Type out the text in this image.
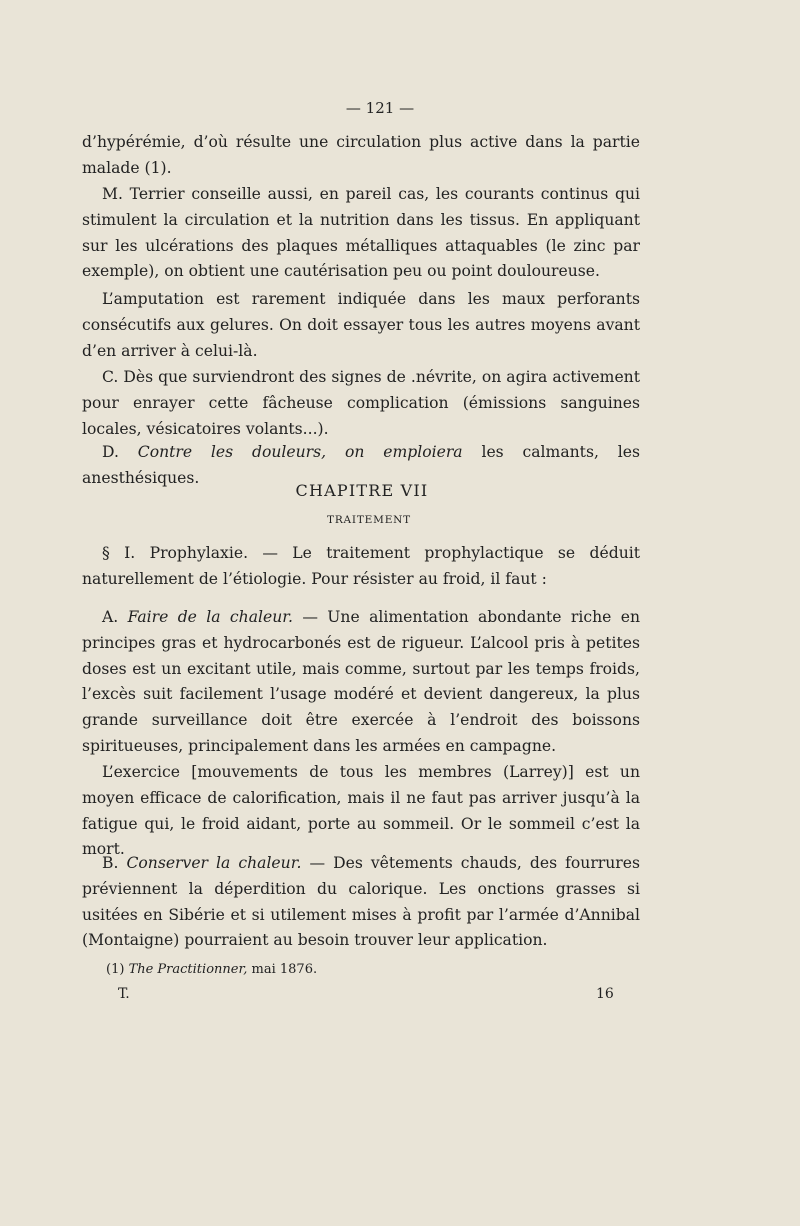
— 121 —

d’hypérémie, d’où résulte une circulation plus active dans la partie malade (1).

M. Terrier conseille aussi, en pareil cas, les courants continus qui stimulent la circulation et la nutrition dans les tissus. En appliquant sur les ulcérations des plaques métalliques attaquables (le zinc par exemple), on obtient une cautérisation peu ou point douloureuse.

L’amputation est rarement indiquée dans les maux perforants consécutifs aux gelures. On doit essayer tous les autres moyens avant d’en arriver à celui-là.

C. Dès que surviendront des signes de .névrite, on agira activement pour enrayer cette fâcheuse complication (émissions sanguines locales, vésicatoires volants...).

D. Contre les douleurs, on emploiera les calmants, les anesthésiques.

CHAPITRE VII
TRAITEMENT

§ I. Prophylaxie. — Le traitement prophylactique se déduit naturellement de l’étiologie. Pour résister au froid, il faut :

A. Faire de la chaleur. — Une alimentation abondante riche en principes gras et hydrocarbonés est de rigueur. L’alcool pris à petites doses est un excitant utile, mais comme, surtout par les temps froids, l’excès suit facilement l’usage modéré et devient dangereux, la plus grande surveillance doit être exercée à l’endroit des boissons spiritueuses, principalement dans les armées en campagne.

L’exercice [mouvements de tous les membres (Larrey)] est un moyen efficace de calorification, mais il ne faut pas arriver jusqu’à la fatigue qui, le froid aidant, porte au sommeil. Or le sommeil c’est la mort.

B. Conserver la chaleur. — Des vêtements chauds, des fourrures préviennent la déperdition du calorique. Les onctions grasses si usitées en Sibérie et si utilement mises à profit par l’armée d’Annibal (Montaigne) pourraient au besoin trouver leur application.

(1) The Practitionner, mai 1876.
T.	16
